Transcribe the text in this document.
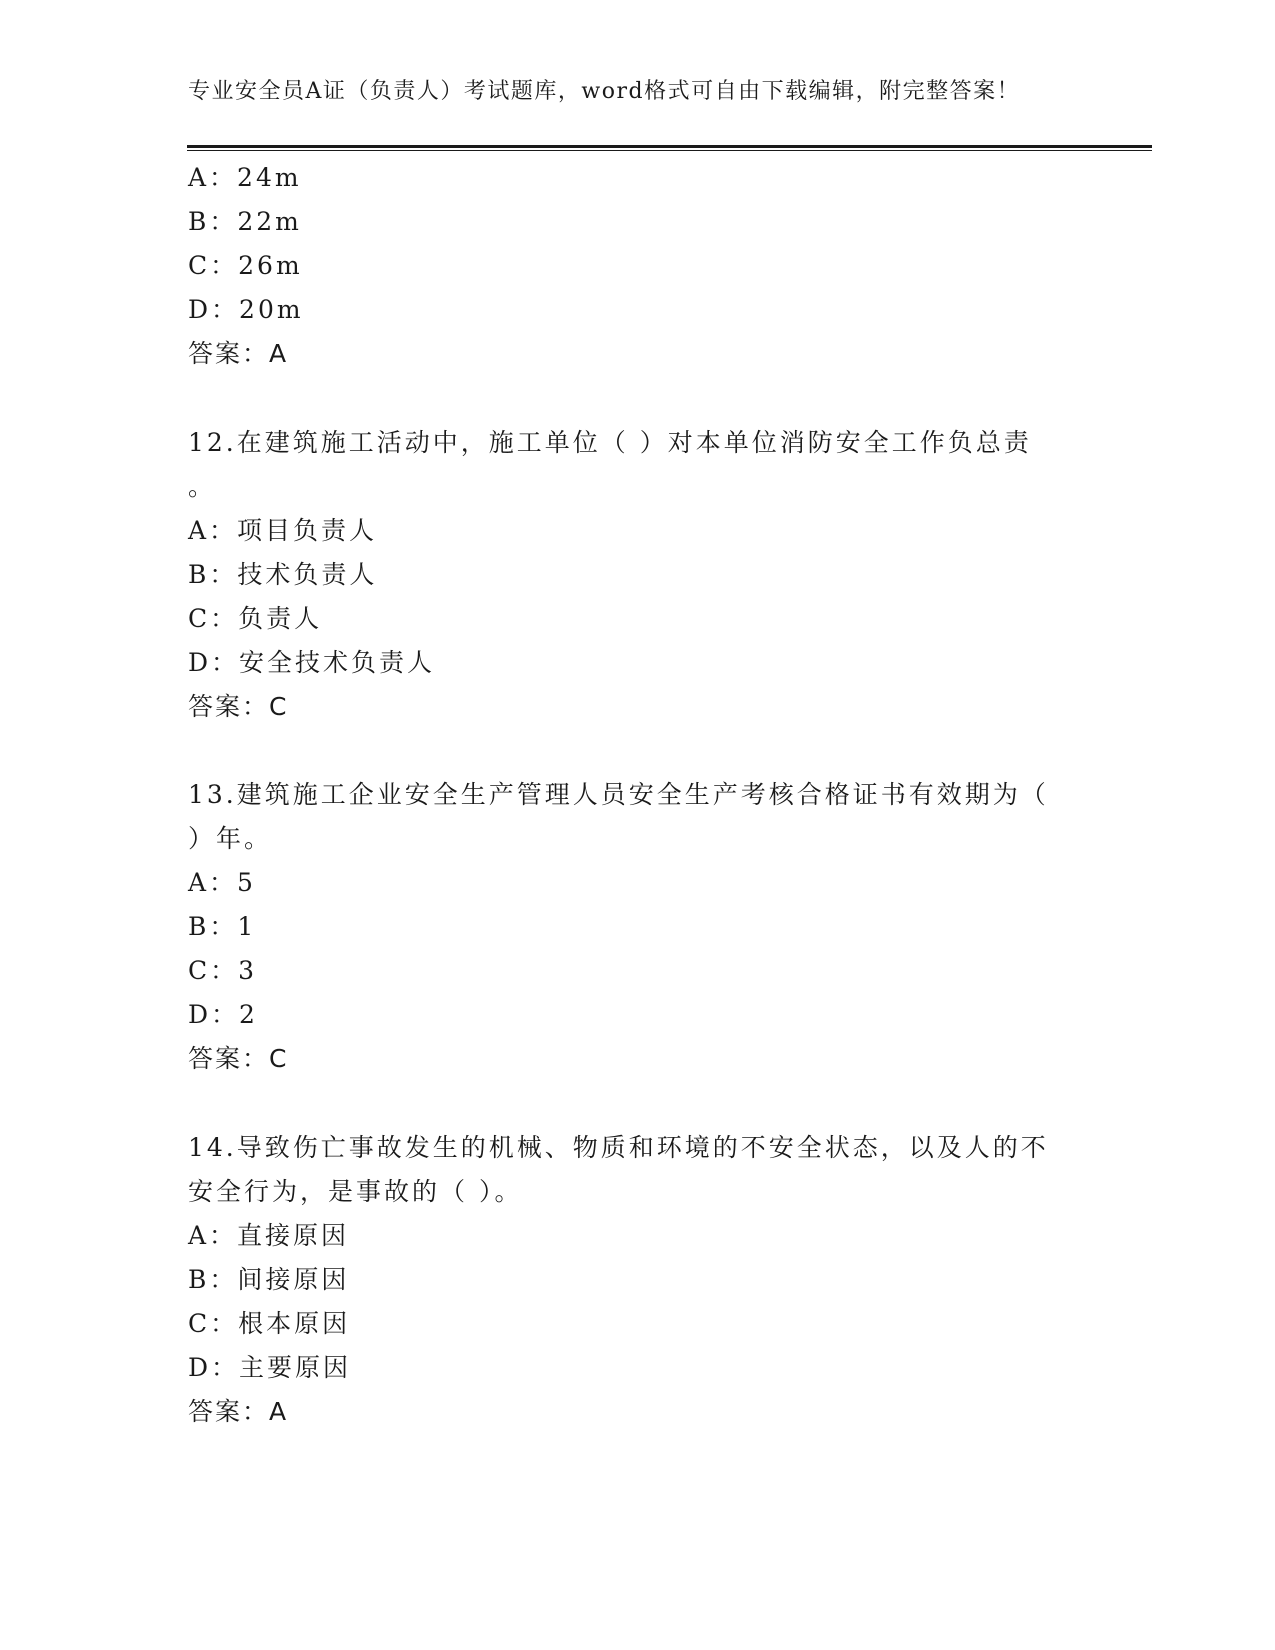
专业安全员A证（负责人）考试题库，word格式可自由下载编辑，附完整答案！
A：24m
B：22m
C：26m
D：20m
答案：A
12.在建筑施工活动中，施工单位（ ）对本单位消防安全工作负总责
。
A：项目负责人
B：技术负责人
C：负责人
D：安全技术负责人
答案：C
13.建筑施工企业安全生产管理人员安全生产考核合格证书有效期为（
）年。
A：5
B：1
C：3
D：2
答案：C
14.导致伤亡事故发生的机械、物质和环境的不安全状态，以及人的不
安全行为，是事故的（ ）。
A：直接原因
B：间接原因
C：根本原因
D：主要原因
答案：A
